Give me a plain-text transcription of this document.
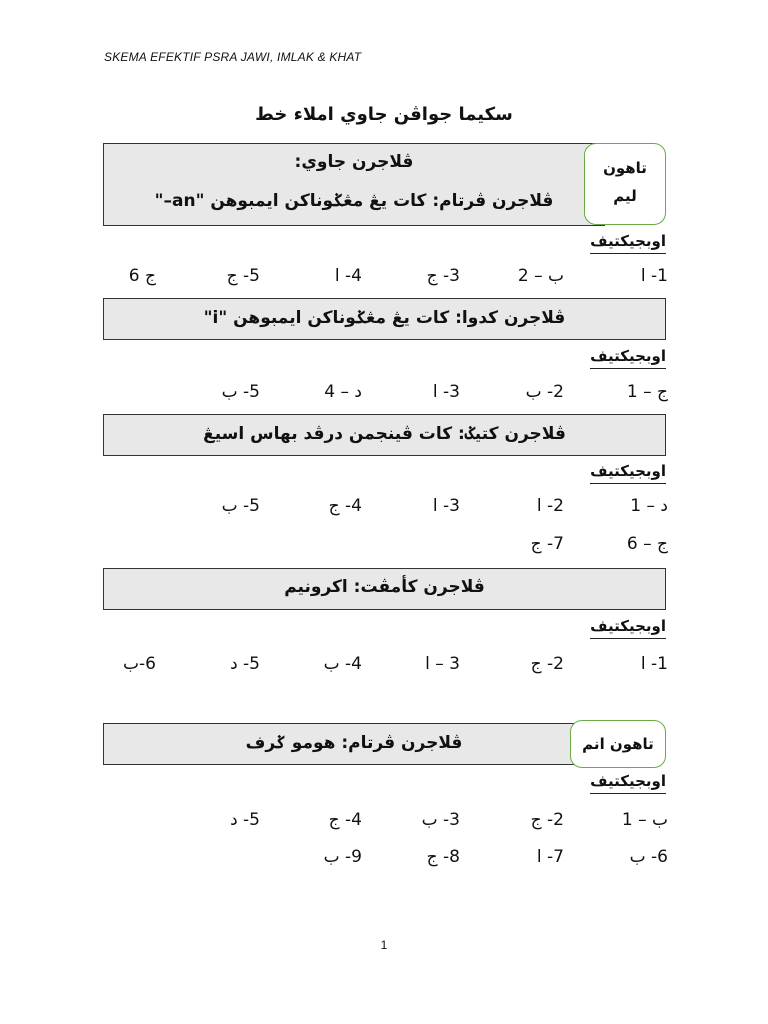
SKEMA EFEKTIF PSRA JAWI, IMLAK & KHAT
سکيما جواڤن جاوي املاء خط
ڤلاجرن جاوي:
ڤلاجرن ڤرتام: کات يڠ مڠݢوناکن ايمبوهن "an–"
تاهون
ليم
اوبجيکتيف
1- ا
ب – 2
3- ج
4- ا
5- ج
ج 6
ڤلاجرن کدوا: کات يڠ مڠݢوناکن ايمبوهن "i"
اوبجيکتيف
ج – 1
2- ب
3- ا
د – 4
5- ب
ڤلاجرن کتيݢ: کات ڤينجمن درڤد بهاس اسيڠ
اوبجيکتيف
د – 1
2- ا
3- ا
4- ج
5- ب
ج – 6
7- ج
ڤلاجرن کأمڤت: اکرونيم
اوبجيکتيف
1- ا
2- ج
3 – ا
4- ب
5- د
6-ب
ڤلاجرن ڤرتام: هومو ݢرف	تاهون انم
اوبجيکتيف
ب – 1
2- ج
3- ب
4- ج
5- د
6- ب
7- ا
8- ج
9- ب
1
